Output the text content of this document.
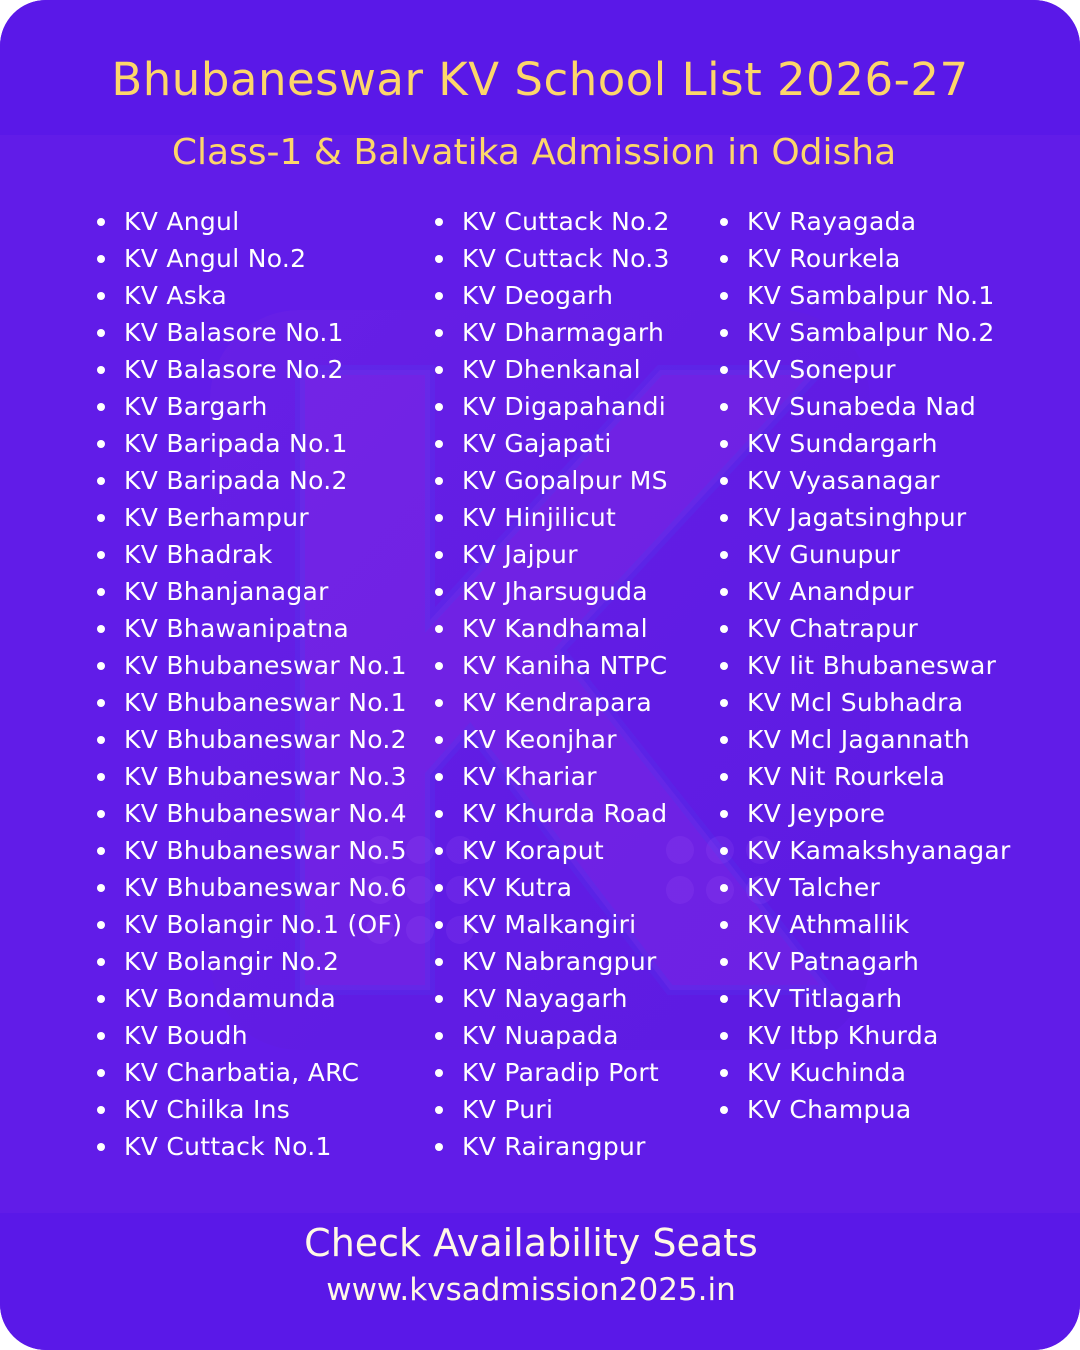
Bhubaneswar KV School List 2026-27
Class-1 & Balvatika Admission in Odisha
KV Angul
KV Angul No.2
KV Aska
KV Balasore No.1
KV Balasore No.2
KV Bargarh
KV Baripada No.1
KV Baripada No.2
KV Berhampur
KV Bhadrak
KV Bhanjanagar
KV Bhawanipatna
KV Bhubaneswar No.1
KV Bhubaneswar No.1
KV Bhubaneswar No.2
KV Bhubaneswar No.3
KV Bhubaneswar No.4
KV Bhubaneswar No.5
KV Bhubaneswar No.6
KV Bolangir No.1 (OF)
KV Bolangir No.2
KV Bondamunda
KV Boudh
KV Charbatia, ARC
KV Chilka Ins
KV Cuttack No.1
KV Cuttack No.2
KV Cuttack No.3
KV Deogarh
KV Dharmagarh
KV Dhenkanal
KV Digapahandi
KV Gajapati
KV Gopalpur MS
KV Hinjilicut
KV Jajpur
KV Jharsuguda
KV Kandhamal
KV Kaniha NTPC
KV Kendrapara
KV Keonjhar
KV Khariar
KV Khurda Road
KV Koraput
KV Kutra
KV Malkangiri
KV Nabrangpur
KV Nayagarh
KV Nuapada
KV Paradip Port
KV Puri
KV Rairangpur
KV Rayagada
KV Rourkela
KV Sambalpur No.1
KV Sambalpur No.2
KV Sonepur
KV Sunabeda Nad
KV Sundargarh
KV Vyasanagar
KV Jagatsinghpur
KV Gunupur
KV Anandpur
KV Chatrapur
KV Iit Bhubaneswar
KV Mcl Subhadra
KV Mcl Jagannath
KV Nit Rourkela
KV Jeypore
KV Kamakshyanagar
KV Talcher
KV Athmallik
KV Patnagarh
KV Titlagarh
KV Itbp Khurda
KV Kuchinda
KV Champua
Check Availability Seats
www.kvsadmission2025.in
